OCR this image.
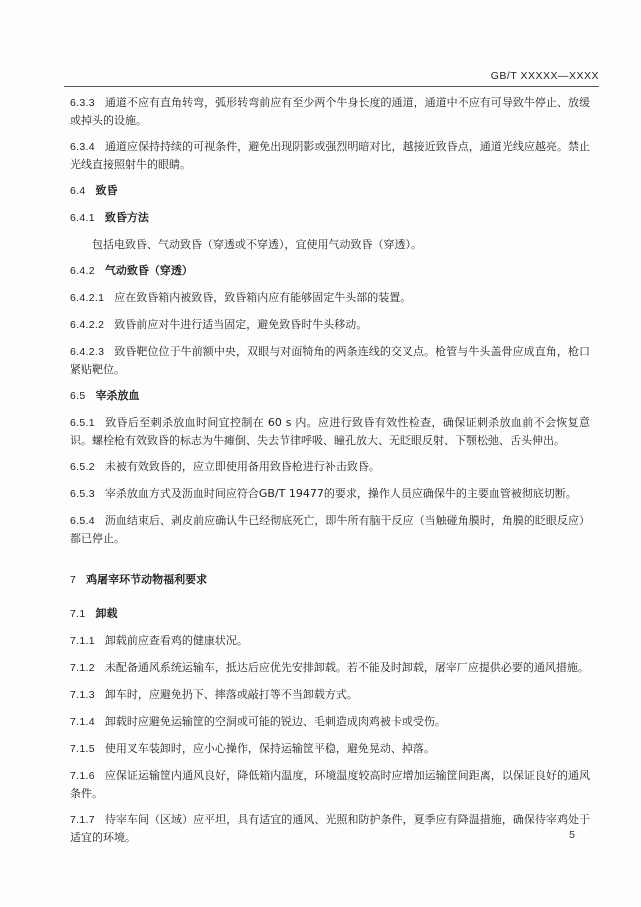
GB/T XXXXX—XXXX

6.3.3 通道不应有直角转弯，弧形转弯前应有至少两个牛身长度的通道，通道中不应有可导致牛停止、放缓或掉头的设施。

6.3.4 通道应保持持续的可视条件，避免出现阴影或强烈明暗对比，越接近致昏点，通道光线应越亮。禁止光线直接照射牛的眼睛。

6.4 致昏

6.4.1 致昏方法

包括电致昏、气动致昏（穿透或不穿透），宜使用气动致昏（穿透）。

6.4.2 气动致昏（穿透）

6.4.2.1 应在致昏箱内被致昏，致昏箱内应有能够固定牛头部的装置。

6.4.2.2 致昏前应对牛进行适当固定，避免致昏时牛头移动。

6.4.2.3 致昏靶位位于牛前额中央，双眼与对面犄角的两条连线的交叉点。枪管与牛头盖骨应成直角，枪口紧贴靶位。

6.5 宰杀放血

6.5.1 致昏后至刺杀放血时间宜控制在 60 s 内。应进行致昏有效性检查，确保证刺杀放血前不会恢复意识。螺栓枪有效致昏的标志为牛瘫倒、失去节律呼吸、瞳孔放大、无眨眼反射、下颚松弛、舌头伸出。

6.5.2 未被有效致昏的，应立即使用备用致昏枪进行补击致昏。

6.5.3 宰杀放血方式及沥血时间应符合GB/T 19477的要求，操作人员应确保牛的主要血管被彻底切断。

6.5.4 沥血结束后、剥皮前应确认牛已经彻底死亡，即牛所有脑干反应（当触碰角膜时，角膜的眨眼反应）都已停止。

7 鸡屠宰环节动物福利要求

7.1 卸载

7.1.1 卸载前应查看鸡的健康状况。

7.1.2 未配备通风系统运输车，抵达后应优先安排卸载。若不能及时卸载，屠宰厂应提供必要的通风措施。

7.1.3 卸车时，应避免扔下、摔落或敲打等不当卸载方式。

7.1.4 卸载时应避免运输筐的空洞或可能的锐边、毛刺造成肉鸡被卡或受伤。

7.1.5 使用叉车装卸时，应小心操作，保持运输筐平稳，避免晃动、掉落。

7.1.6 应保证运输筐内通风良好，降低箱内温度，环境温度较高时应增加运输筐间距离，以保证良好的通风条件。

7.1.7 待宰车间（区域）应平坦，具有适宜的通风、光照和防护条件，夏季应有降温措施，确保待宰鸡处于适宜的环境。	5
